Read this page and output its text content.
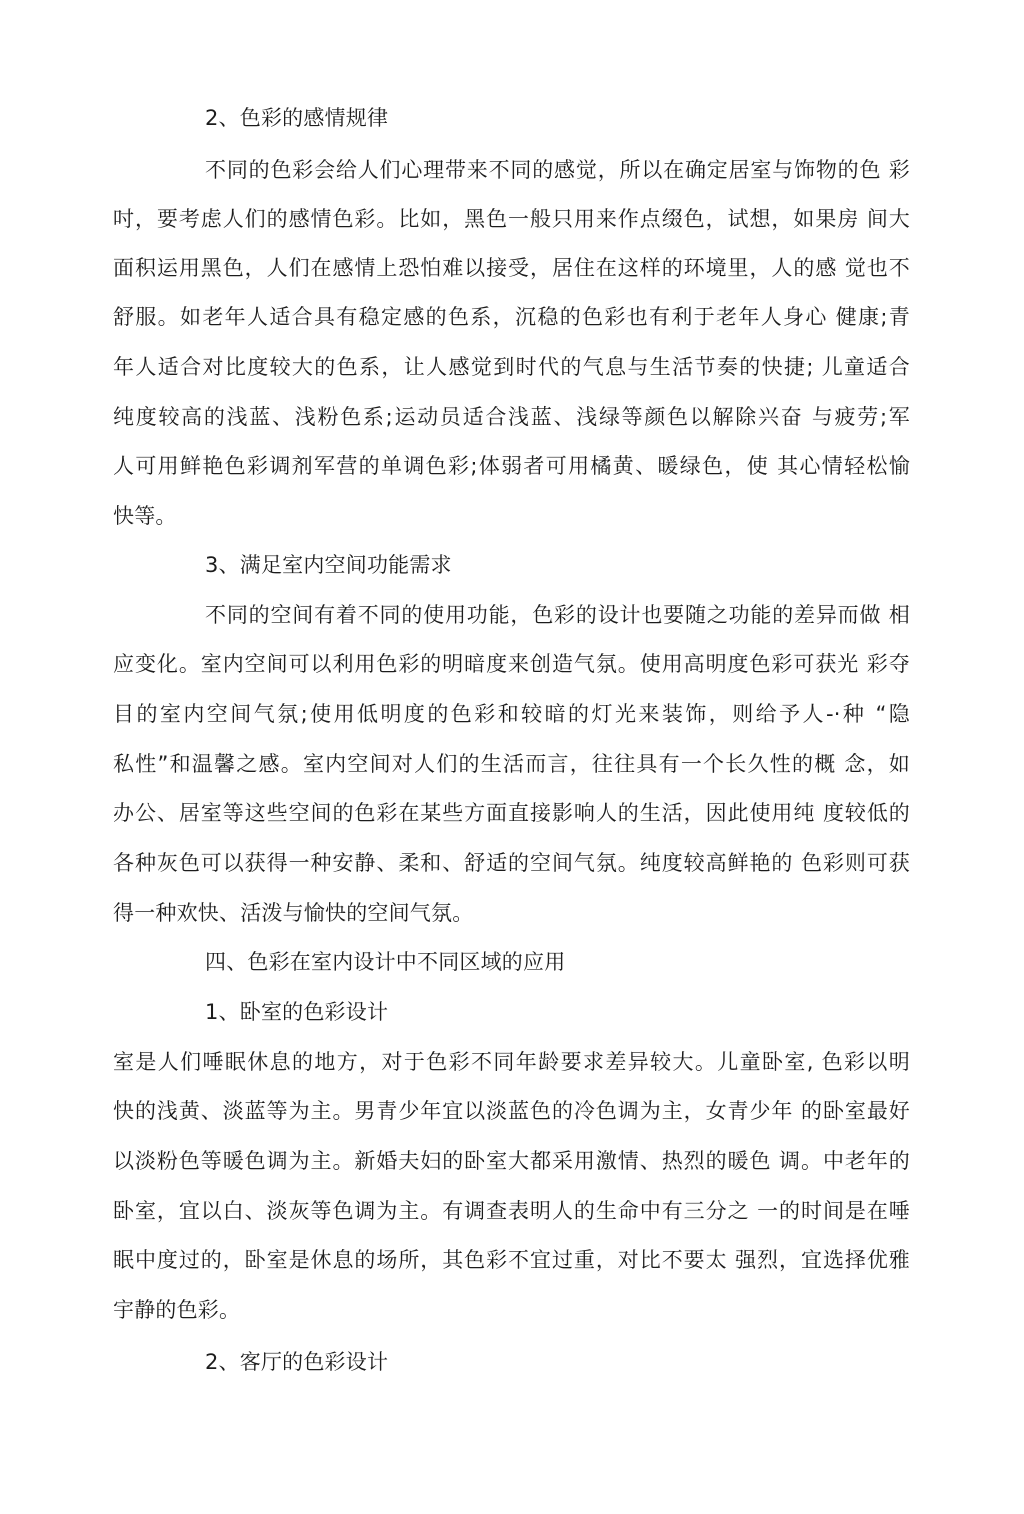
2、色彩的感情规律
不同的色彩会给人们心理带来不同的感觉，所以在确定居室与饰物的色 彩
吋，要考虑人们的感情色彩。比如，黑色一般只用来作点缀色，试想，如果房 间大
面积运用黑色，人们在感情上恐怕难以接受，居住在这样的环境里，人的感 觉也不
舒服。如老年人适合具有稳定感的色系，沉稳的色彩也有利于老年人身心 健康;青
年人适合对比度较大的色系，让人感觉到时代的气息与生活节奏的快捷; 儿童适合
纯度较高的浅蓝、浅粉色系;运动员适合浅蓝、浅绿等颜色以解除兴奋 与疲劳;军
人可用鲜艳色彩调剂军营的单调色彩;体弱者可用橘黄、暖绿色，使 其心情轻松愉
快等。
3、满足室内空间功能需求
不同的空间有着不同的使用功能，色彩的设计也要随之功能的差异而做 相
应变化。室内空间可以利用色彩的明暗度来创造气氛。使用高明度色彩可获光 彩夺
目的室内空间气氛;使用低明度的色彩和较暗的灯光来装饰，则给予人-·种 “隐
私性”和温馨之感。室内空间对人们的生活而言，往往具有一个长久性的概 念，如
办公、居室等这些空间的色彩在某些方面直接影响人的生活，因此使用纯 度较低的
各种灰色可以获得一种安静、柔和、舒适的空间气氛。纯度较高鲜艳的 色彩则可获
得一种欢快、活泼与愉快的空间气氛。
四、色彩在室内设计中不同区域的应用
1、卧室的色彩设计
室是人们唾眠休息的地方，对于色彩不同年龄要求差异较大。儿童卧室, 色彩以明
快的浅黄、淡蓝等为主。男青少年宜以淡蓝色的冷色调为主，女青少年 的卧室最好
以淡粉色等暖色调为主。新婚夫妇的卧室大都采用激情、热烈的暖色 调。中老年的
卧室，宜以白、淡灰等色调为主。有调查表明人的生命中有三分之 一的时间是在唾
眠中度过的，卧室是休息的场所，其色彩不宜过重，对比不要太 强烈，宜选择优雅
宇静的色彩。
2、客厅的色彩设计
